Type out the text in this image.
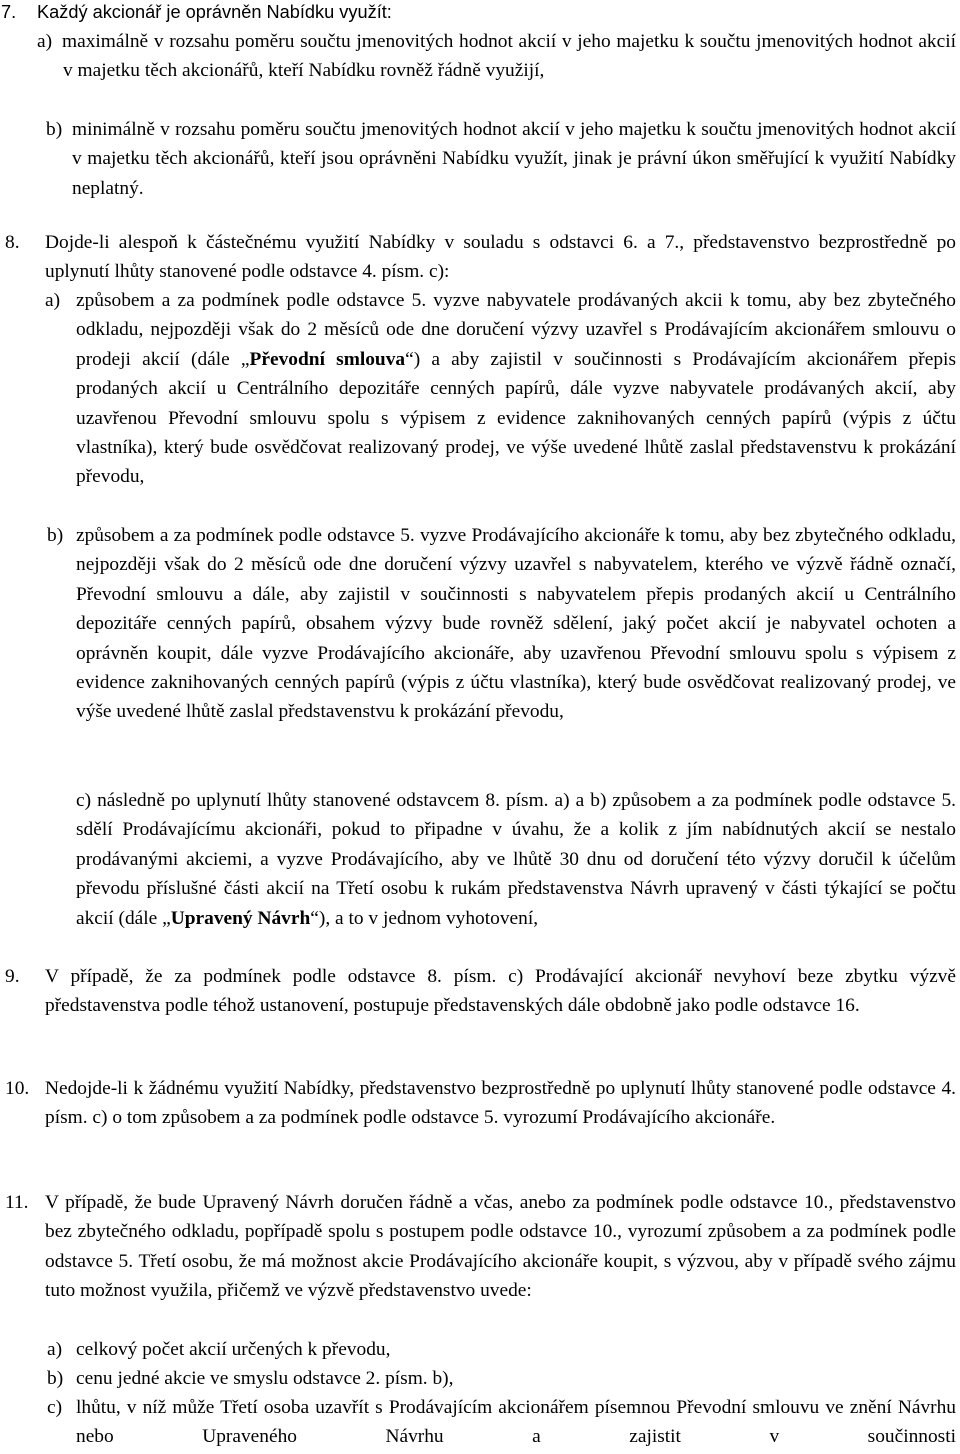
7. Každý akcionář je oprávněn Nabídku využít:
a) maximálně v rozsahu poměru součtu jmenovitých hodnot akcií v jeho majetku k součtu jmenovitých hodnot akcií v majetku těch akcionářů, kteří Nabídku rovněž řádně využijí,
b) minimálně v rozsahu poměru součtu jmenovitých hodnot akcií v jeho majetku k součtu jmenovitých hodnot akcií v majetku těch akcionářů, kteří jsou oprávněni Nabídku využít, jinak je právní úkon směřující k využití Nabídky neplatný.
8.	Dojde-li alespoň k částečnému využití Nabídky v souladu s odstavci 6. a 7., představenstvo bezprostředně po uplynutí lhůty stanovené podle odstavce 4. písm. c):
a) způsobem a za podmínek podle odstavce 5. vyzve nabyvatele prodávaných akcii k tomu, aby bez zbytečného odkladu, nejpozději však do 2 měsíců ode dne doručení výzvy uzavřel s Prodávajícím akcionářem smlouvu o prodeji akcií (dále „Převodní smlouva“) a aby zajistil v součinnosti s Prodávajícím akcionářem přepis prodaných akcií u Centrálního depozitáře cenných papírů, dále vyzve nabyvatele prodávaných akcií, aby uzavřenou Převodní smlouvu spolu s výpisem z evidence zaknihovaných cenných papírů (výpis z účtu vlastníka), který bude osvědčovat realizovaný prodej, ve výše uvedené lhůtě zaslal představenstvu k prokázání převodu,
b) způsobem a za podmínek podle odstavce 5. vyzve Prodávajícího akcionáře k tomu, aby bez zbytečného odkladu, nejpozději však do 2 měsíců ode dne doručení výzvy uzavřel s nabyvatelem, kterého ve výzvě řádně označí, Převodní smlouvu a dále, aby zajistil v součinnosti s nabyvatelem přepis prodaných akcií u Centrálního depozitáře cenných papírů, obsahem výzvy bude rovněž sdělení, jaký počet akcií je nabyvatel ochoten a oprávněn koupit, dále vyzve Prodávajícího akcionáře, aby uzavřenou Převodní smlouvu spolu s výpisem z evidence zaknihovaných cenných papírů (výpis z účtu vlastníka), který bude osvědčovat realizovaný prodej, ve výše uvedené lhůtě zaslal představenstvu k prokázání převodu,
c) následně po uplynutí lhůty stanovené odstavcem 8. písm. a) a b) způsobem a za podmínek podle odstavce 5. sdělí Prodávajícímu akcionáři, pokud to připadne v úvahu, že a kolik z jím nabídnutých akcií se nestalo prodávanými akciemi, a vyzve Prodávajícího, aby ve lhůtě 30 dnu od doručení této výzvy doručil k účelům převodu příslušné části akcií na Třetí osobu k rukám představenstva Návrh upravený v části týkající se počtu akcií (dále „Upravený Návrh“), a to v jednom vyhotovení,
9.	V případě, že za podmínek podle odstavce 8. písm. c) Prodávající akcionář nevyhoví beze zbytku výzvě představenstva podle téhož ustanovení, postupuje představenských dále obdobně jako podle odstavce 16.
10. Nedojde-li k žádnému využití Nabídky, představenstvo bezprostředně po uplynutí lhůty stanovené podle odstavce 4. písm. c) o tom způsobem a za podmínek podle odstavce 5. vyrozumí Prodávajícího akcionáře.
11. V případě, že bude Upravený Návrh doručen řádně a včas, anebo za podmínek podle odstavce 10., představenstvo bez zbytečného odkladu, popřípadě spolu s postupem podle odstavce 10., vyrozumí způsobem a za podmínek podle odstavce 5. Třetí osobu, že má možnost akcie Prodávajícího akcionáře koupit, s výzvou, aby v případě svého zájmu tuto možnost využila, přičemž ve výzvě představenstvo uvede:
a) celkový počet akcií určených k převodu,
b) cenu jedné akcie ve smyslu odstavce 2. písm. b),
c) lhůtu, v níž může Třetí osoba uzavřít s Prodávajícím akcionářem písemnou Převodní smlouvu ve znění Návrhu nebo Upraveného Návrhu a zajistit v součinnosti
